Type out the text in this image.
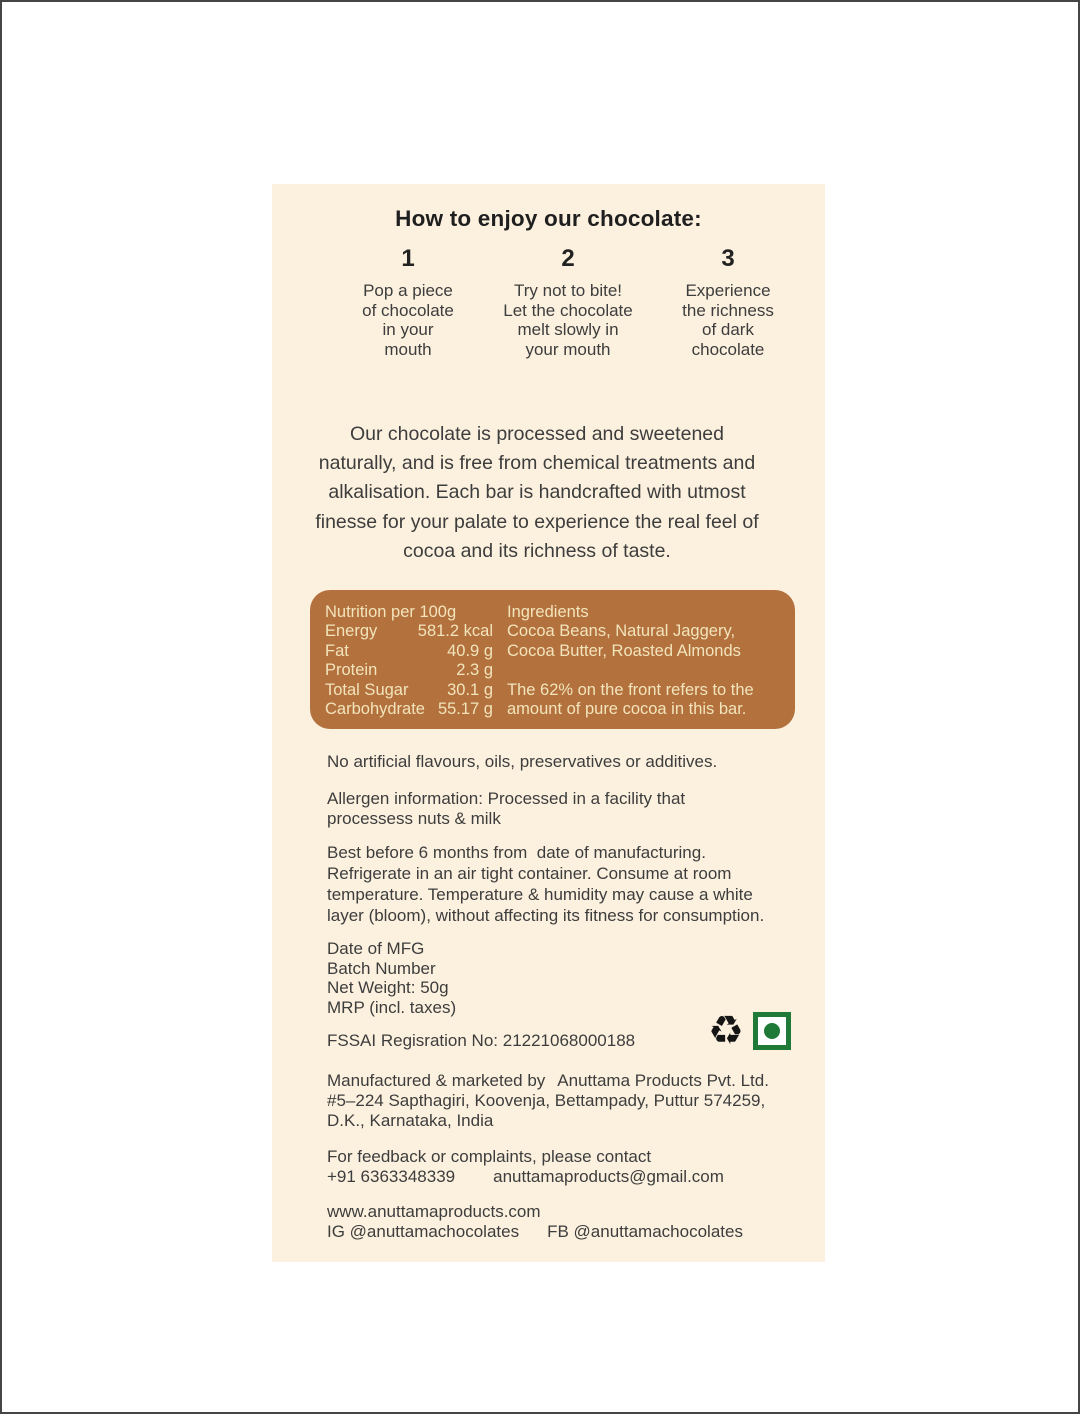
How to enjoy our chocolate:
1
Pop a piece
of chocolate
in your
mouth
2
Try not to bite!
Let the chocolate
melt slowly in
your mouth
3
Experience
the richness
of dark
chocolate
Our chocolate is processed and sweetened
naturally, and is free from chemical treatments and
alkalisation. Each bar is handcrafted with utmost
finesse for your palate to experience the real feel of
cocoa and its richness of taste.
Nutrition per 100g
Energy 581.2 kcal
Fat	40.9 g
Protein	2.3 g
Total Sugar 30.1 g
Carbohydrate 55.17 g
Ingredients
Cocoa Beans, Natural Jaggery,
Cocoa Butter, Roasted Almonds
The 62% on the front refers to the
amount of pure cocoa in this bar.
No artificial flavours, oils, preservatives or additives.
Allergen information: Processed in a facility that
processess nuts & milk
Best before 6 months from  date of manufacturing.
Refrigerate in an air tight container. Consume at room
temperature. Temperature & humidity may cause a white
layer (bloom), without affecting its fitness for consumption.
Date of MFG
Batch Number
Net Weight: 50g
MRP (incl. taxes)
FSSAI Regisration No: 21221068000188 ♻
Manufactured & marketed by Anuttama Products Pvt. Ltd.
#5–224 Sapthagiri, Koovenja, Bettampady, Puttur 574259,
D.K., Karnataka, India
For feedback or complaints, please contact
+91 6363348339 anuttamaproducts@gmail.com
www.anuttamaproducts.com
IG @anuttamachocolates FB @anuttamachocolates
